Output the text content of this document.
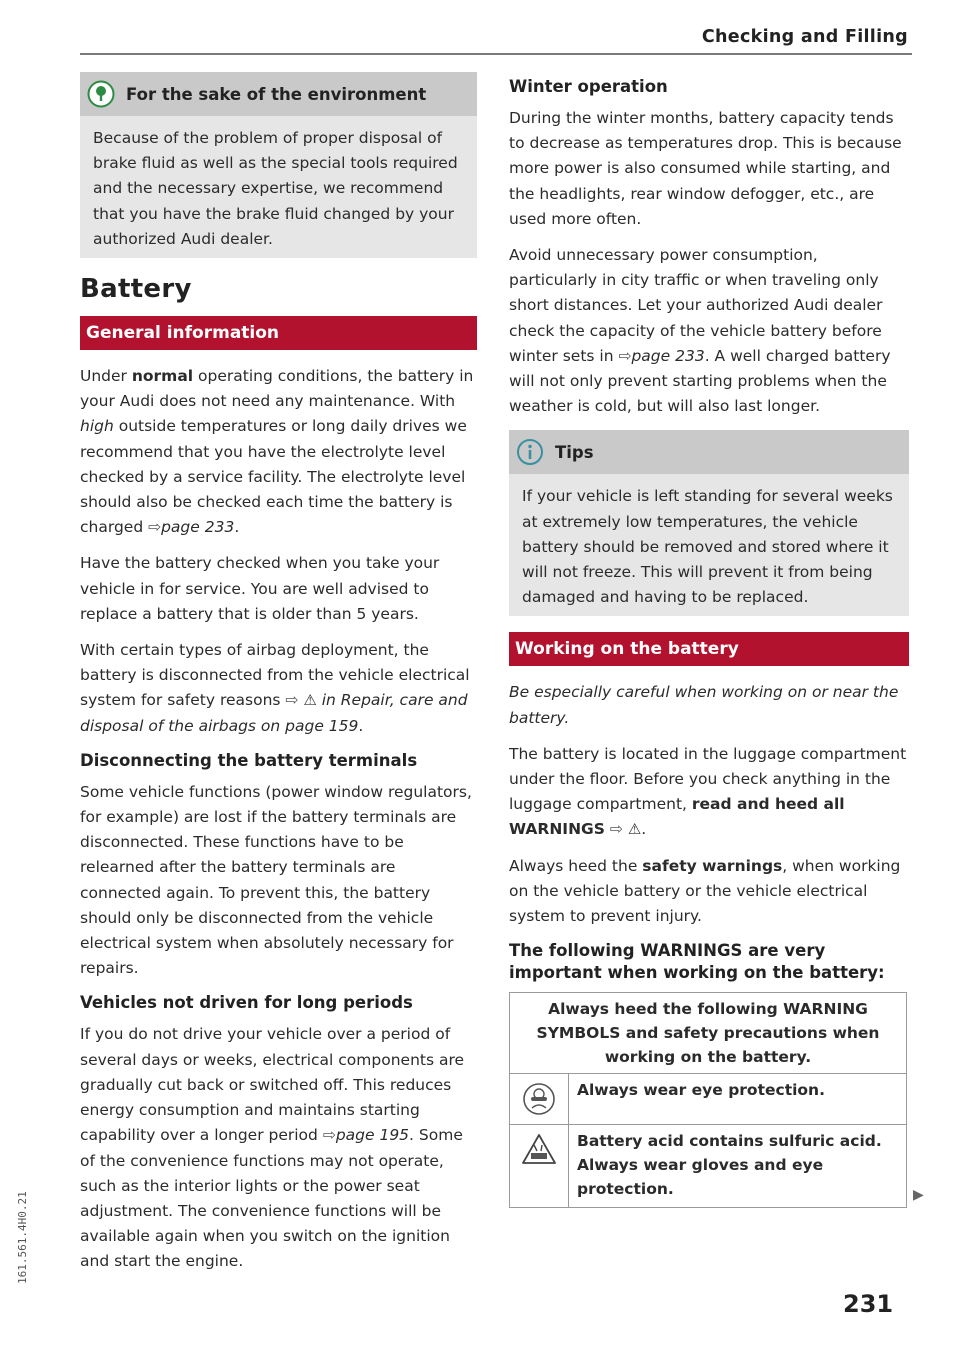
Checking and Filling
161.561.4H0.21
For the sake of the environment

Because of the problem of proper disposal of brake fluid as well as the special tools required and the necessary expertise, we recommend that you have the brake fluid changed by your authorized Audi dealer.

Battery
General information

Under normal operating conditions, the battery in your Audi does not need any maintenance. With high outside temperatures or long daily drives we recommend that you have the electrolyte level checked by a service facility. The electrolyte level should also be checked each time the battery is charged ⇨page 233.

Have the battery checked when you take your vehicle in for service. You are well advised to replace a battery that is older than 5 years.

With certain types of airbag deployment, the battery is disconnected from the vehicle electrical system for safety reasons ⇨ ⚠ in Repair, care and disposal of the airbags on page 159.

Disconnecting the battery terminals

Some vehicle functions (power window regulators, for example) are lost if the battery terminals are disconnected. These functions have to be relearned after the battery terminals are connected again. To prevent this, the battery should only be disconnected from the vehicle electrical system when absolutely necessary for repairs.

Vehicles not driven for long periods

If you do not drive your vehicle over a period of several days or weeks, electrical components are gradually cut back or switched off. This reduces energy consumption and maintains starting capability over a longer period ⇨page 195. Some of the convenience functions may not operate, such as the interior lights or the power seat adjustment. The convenience functions will be available again when you switch on the ignition and start the engine.

Winter operation

During the winter months, battery capacity tends to decrease as temperatures drop. This is because more power is also consumed while starting, and the headlights, rear window defogger, etc., are used more often.

Avoid unnecessary power consumption, particularly in city traffic or when traveling only short distances. Let your authorized Audi dealer check the capacity of the vehicle battery before winter sets in ⇨page 233. A well charged battery will not only prevent starting problems when the weather is cold, but will also last longer.

Tips

If your vehicle is left standing for several weeks at extremely low temperatures, the vehicle battery should be removed and stored where it will not freeze. This will prevent it from being damaged and having to be replaced.

Working on the battery

Be especially careful when working on or near the battery.

The battery is located in the luggage compartment under the floor. Before you check anything in the luggage compartment, read and heed all WARNINGS ⇨ ⚠.

Always heed the safety warnings, when working on the vehicle battery or the vehicle electrical system to prevent injury.

The following WARNINGS are very important when working on the battery:
Always heed the following WARNING SYMBOLS and safety precautions when working on the battery.	
	Always wear eye protection.
	Battery acid contains sulfuric acid. Always wear gloves and eye protection.	▶
231
